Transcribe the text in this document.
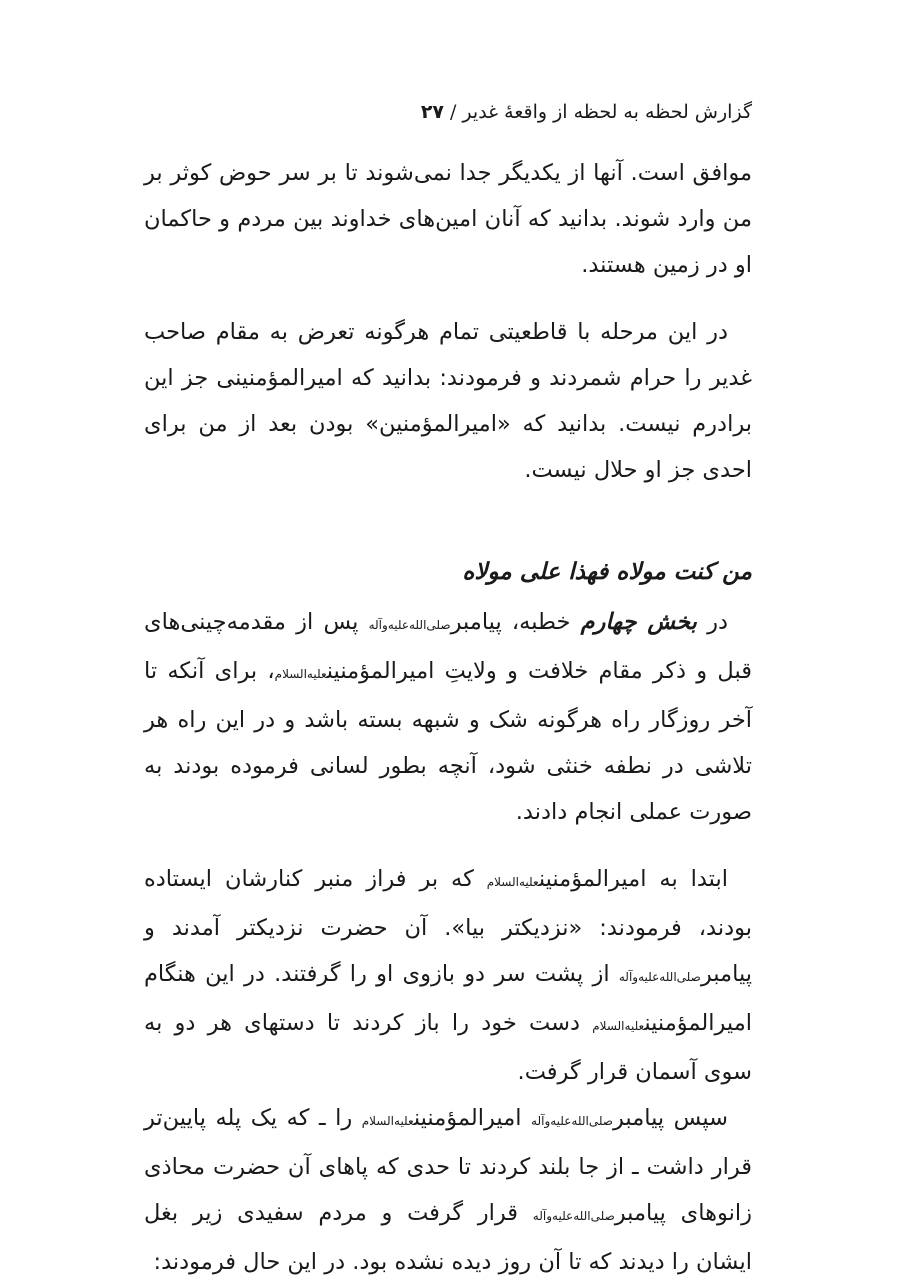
گزارش لحظه به لحظه از واقعهٔ غدیر/۲۷

موافق است. آنها از یکدیگر جدا نمی‌شوند تا بر سر حوض کوثر بر من وارد شوند. بدانید که آنان امین‌های خداوند بین مردم و حاکمان او در زمین هستند.

در این مرحله با قاطعیتی تمام هرگونه تعرض به مقام صاحب غدیر را حرام شمردند و فرمودند: بدانید که امیرالمؤمنینی جز این برادرم نیست. بدانید که «امیرالمؤمنین» بودن بعد از من برای احدی جز او حلال نیست.

من کنت مولاه فهذا علی مولاه

در بخش چهارم خطبه، پیامبرصلی‌الله‌علیه‌وآله پس از مقدمه‌چینی‌های قبل و ذکر مقام خلافت و ولایتِ امیرالمؤمنینعلیه‌السلام، برای آنکه تا آخر روزگار راه هرگونه شک و شبهه بسته باشد و در این راه هر تلاشی در نطفه خنثی شود، آنچه بطور لسانی فرموده بودند به صورت عملی انجام دادند.

ابتدا به امیرالمؤمنینعلیه‌السلام که بر فراز منبر کنارشان ایستاده بودند، فرمودند: «نزدیکتر بیا». آن حضرت نزدیکتر آمدند و پیامبرصلی‌الله‌علیه‌وآله از پشت سر دو بازوی او را گرفتند. در این هنگام امیرالمؤمنینعلیه‌السلام دست خود را باز کردند تا دستهای هر دو به سوی آسمان قرار گرفت.

سپس پیامبرصلی‌الله‌علیه‌وآله امیرالمؤمنینعلیه‌السلام را ـ که یک پله پایین‌تر قرار داشت ـ از جا بلند کردند تا حدی که پاهای آن حضرت محاذی زانوهای پیامبرصلی‌الله‌علیه‌وآله قرار گرفت و مردم سفیدی زیر بغل ایشان را دیدند که تا آن روز دیده نشده بود. در این حال فرمودند:
